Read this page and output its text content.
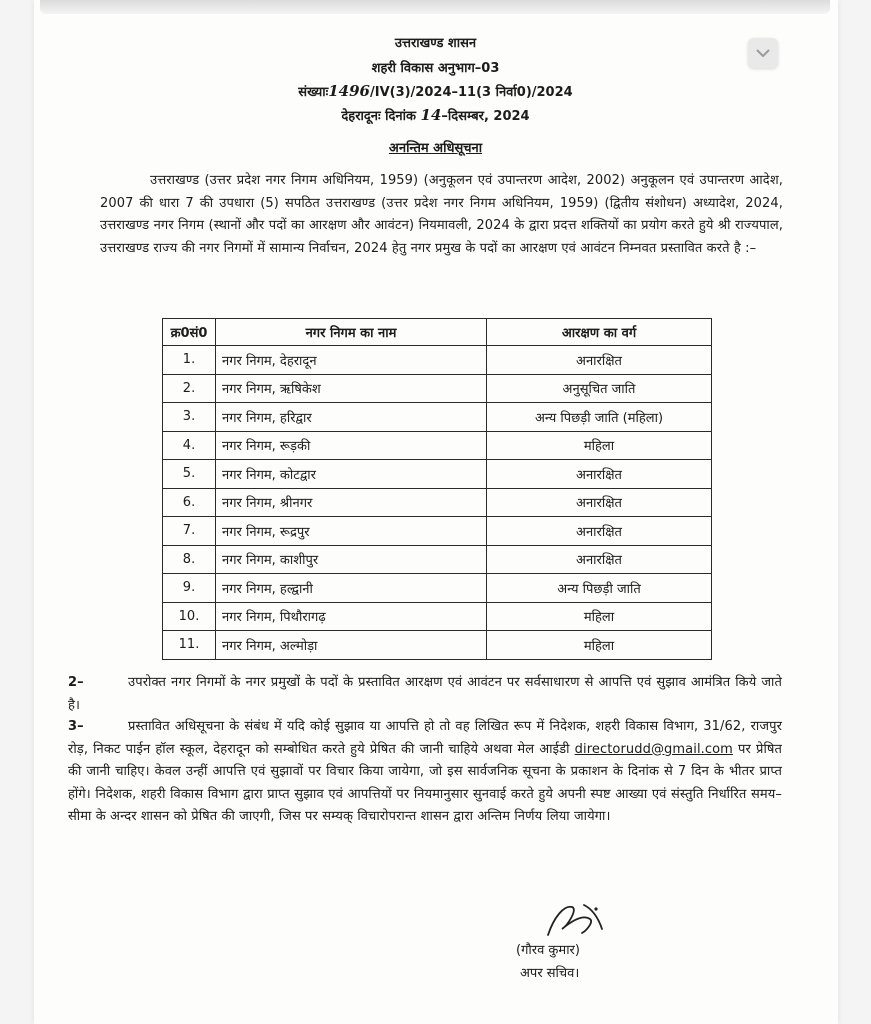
उत्तराखण्ड शासन
शहरी विकास अनुभाग–03
संख्याः1496/IV(3)/2024–11(3 निर्वा0)/2024
देहरादूनः दिनांक 14–दिसम्बर, 2024
अनन्तिम अधिसूचना
उत्तराखण्ड (उत्तर प्रदेश नगर निगम अधिनियम, 1959) (अनुकूलन एवं उपान्तरण आदेश, 2002) अनुकूलन एवं उपान्तरण आदेश, 2007 की धारा 7 की उपधारा (5) सपठित उत्तराखण्ड (उत्तर प्रदेश नगर निगम अधिनियम, 1959) (द्वितीय संशोधन) अध्यादेश, 2024, उत्तराखण्ड नगर निगम (स्थानों और पदों का आरक्षण और आवंटन) नियमावली, 2024 के द्वारा प्रदत्त शक्तियों का प्रयोग करते हुये श्री राज्यपाल, उत्तराखण्ड राज्य की नगर निगमों में सामान्य निर्वाचन, 2024 हेतु नगर प्रमुख के पदों का आरक्षण एवं आवंटन निम्नवत प्रस्तावित करते है :–
क्र0सं0	नगर निगम का नाम	आरक्षण का वर्ग
1.	नगर निगम, देहरादून	अनारक्षित
2.	नगर निगम, ऋषिकेश	अनुसूचित जाति
3.	नगर निगम, हरिद्वार	अन्य पिछड़ी जाति (महिला)
4.	नगर निगम, रूड़की	महिला
5.	नगर निगम, कोटद्वार	अनारक्षित
6.	नगर निगम, श्रीनगर	अनारक्षित
7.	नगर निगम, रूद्रपुर	अनारक्षित
8.	नगर निगम, काशीपुर	अनारक्षित
9.	नगर निगम, हल्द्वानी	अन्य पिछड़ी जाति
10.	नगर निगम, पिथौरागढ़	महिला
11.	नगर निगम, अल्मोड़ा	महिला
2–	उपरोक्त नगर निगमों के नगर प्रमुखों के पदों के प्रस्तावित आरक्षण एवं आवंटन पर सर्वसाधारण से आपत्ति एवं सुझाव आमंत्रित किये जाते है।
3–	प्रस्तावित अधिसूचना के संबंध में यदि कोई सुझाव या आपत्ति हो तो वह लिखित रूप में निदेशक, शहरी विकास विभाग, 31/62, राजपुर रोड़, निकट पाईन हॉल स्कूल, देहरादून को सम्बोधित करते हुये प्रेषित की जानी चाहिये अथवा मेल आईडी directorudd@gmail.com पर प्रेषित की जानी चाहिए। केवल उन्हीं आपत्ति एवं सुझावों पर विचार किया जायेगा, जो इस सार्वजनिक सूचना के प्रकाशन के दिनांक से 7 दिन के भीतर प्राप्त होंगे। निदेशक, शहरी विकास विभाग द्वारा प्राप्त सुझाव एवं आपत्तियों पर नियमानुसार सुनवाई करते हुये अपनी स्पष्ट आख्या एवं संस्तुति निर्धारित समय–सीमा के अन्दर शासन को प्रेषित की जाएगी, जिस पर सम्यक् विचारोपरान्त शासन द्वारा अन्तिम निर्णय लिया जायेगा।
(गौरव कुमार)
अपर सचिव।
